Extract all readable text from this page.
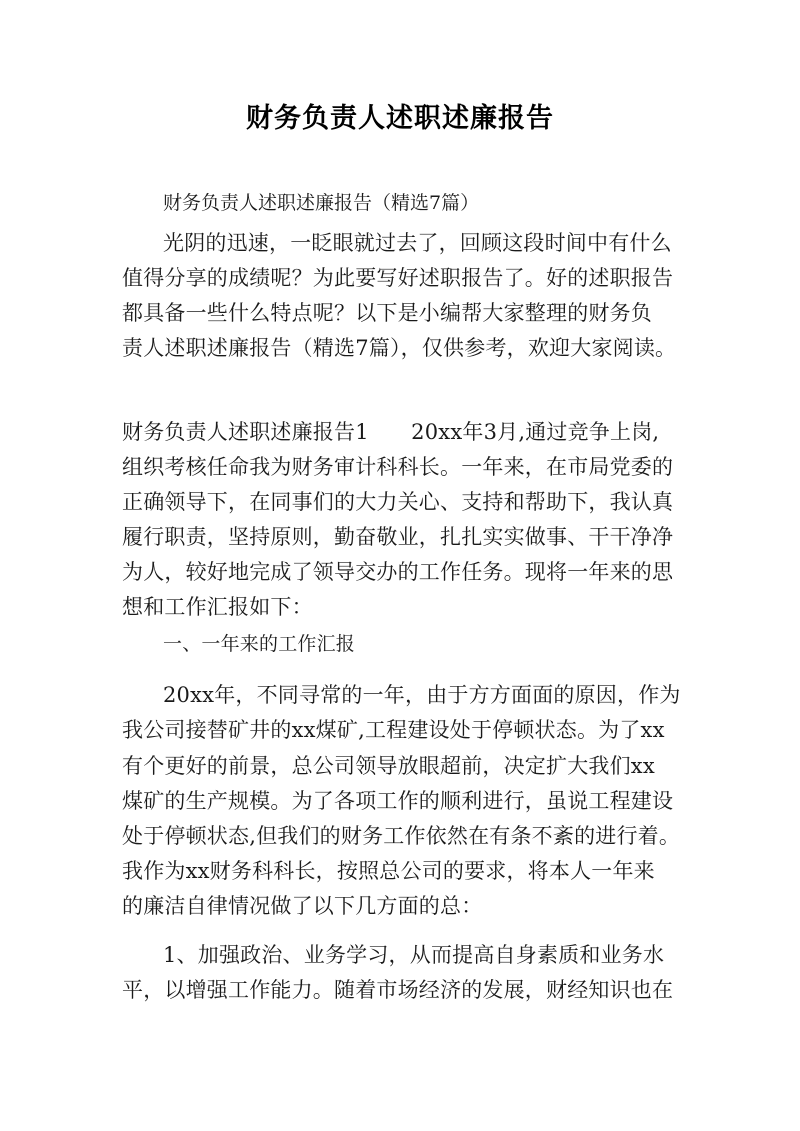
财务负责人述职述廉报告
财务负责人述职述廉报告（精选7篇）
光阴的迅速，一眨眼就过去了，回顾这段时间中有什么
值得分享的成绩呢？为此要写好述职报告了。好的述职报告
都具备一些什么特点呢？以下是小编帮大家整理的财务负
责人述职述廉报告（精选7篇），仅供参考，欢迎大家阅读。
财务负责人述职述廉报告1　　20xx年3月,通过竞争上岗,
组织考核任命我为财务审计科科长。一年来，在市局党委的
正确领导下，在同事们的大力关心、支持和帮助下，我认真
履行职责，坚持原则，勤奋敬业，扎扎实实做事、干干净净
为人，较好地完成了领导交办的工作任务。现将一年来的思
想和工作汇报如下：
一、一年来的工作汇报
20xx年，不同寻常的一年，由于方方面面的原因，作为
我公司接替矿井的xx煤矿,工程建设处于停顿状态。为了xx
有个更好的前景，总公司领导放眼超前，决定扩大我们xx
煤矿的生产规模。为了各项工作的顺利进行，虽说工程建设
处于停顿状态,但我们的财务工作依然在有条不紊的进行着。
我作为xx财务科科长，按照总公司的要求，将本人一年来
的廉洁自律情况做了以下几方面的总：
1、加强政治、业务学习，从而提高自身素质和业务水
平，以增强工作能力。随着市场经济的发展，财经知识也在
